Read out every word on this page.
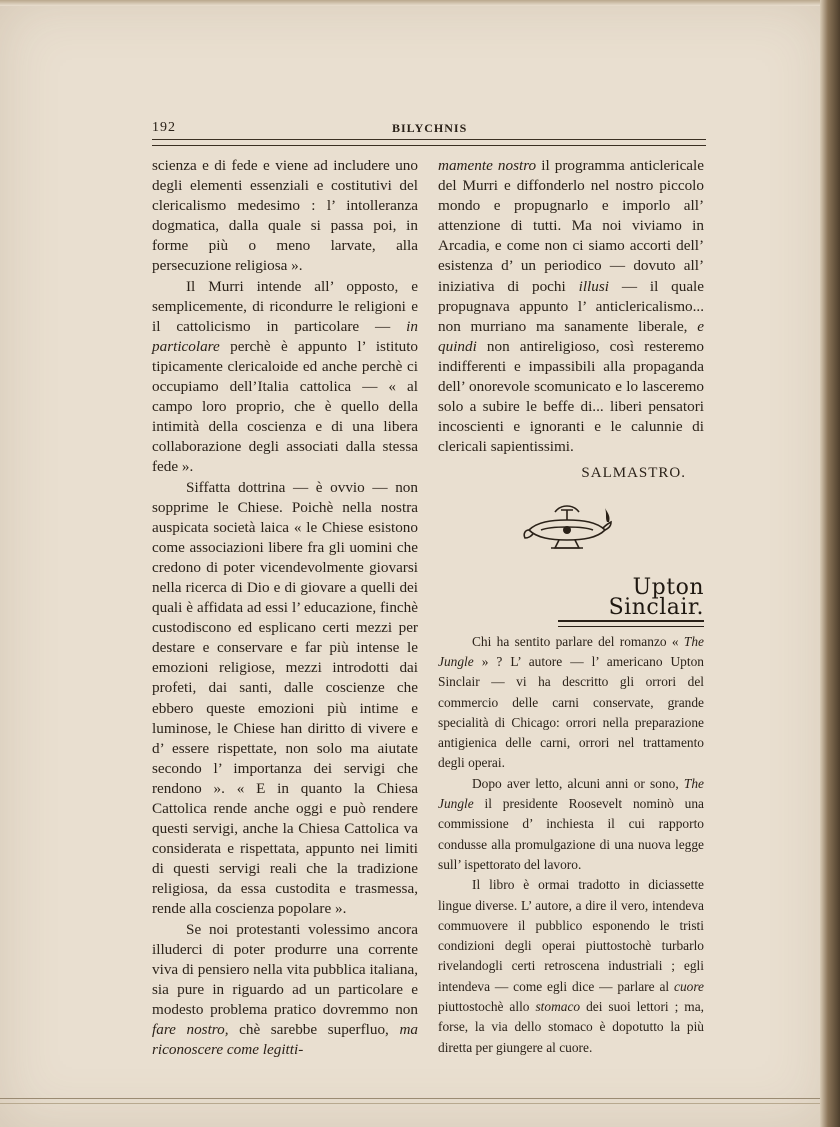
192	BILYCHNIS

scienza e di fede e viene ad includere uno degli elementi essenziali e costitutivi del clericalismo medesimo : l’ intolleranza dogmatica, dalla quale si passa poi, in forme più o meno larvate, alla persecuzione religiosa ».

Il Murri intende all’ opposto, e semplicemente, di ricondurre le religioni e il cattolicismo in particolare — in particolare perchè è appunto l’ istituto tipicamente clericaloide ed anche perchè ci occupiamo dell’Italia cattolica — « al campo loro proprio, che è quello della intimità della coscienza e di una libera collaborazione degli associati dalla stessa fede ».

Siffatta dottrina — è ovvio — non sopprime le Chiese. Poichè nella nostra auspicata società laica « le Chiese esistono come associazioni libere fra gli uomini che credono di poter vicendevolmente giovarsi nella ricerca di Dio e di giovare a quelli dei quali è affidata ad essi l’ educazione, finchè custodiscono ed esplicano certi mezzi per destare e conservare e far più intense le emozioni religiose, mezzi introdotti dai profeti, dai santi, dalle coscienze che ebbero queste emozioni più intime e luminose, le Chiese han diritto di vivere e d’ essere rispettate, non solo ma aiutate secondo l’ importanza dei servigi che rendono ». « E in quanto la Chiesa Cattolica rende anche oggi e può rendere questi servigi, anche la Chiesa Cattolica va considerata e rispettata, appunto nei limiti di questi servigi reali che la tradizione religiosa, da essa custodita e trasmessa, rende alla coscienza popolare ».

Se noi protestanti volessimo ancora illuderci di poter produrre una corrente viva di pensiero nella vita pubblica italiana, sia pure in riguardo ad un particolare e modesto problema pratico dovremmo non fare nostro, chè sarebbe superfluo, ma riconoscere come legitti-

mamente nostro il programma anticlericale del Murri e diffonderlo nel nostro piccolo mondo e propugnarlo e imporlo all’ attenzione di tutti. Ma noi viviamo in Arcadia, e come non ci siamo accorti dell’ esistenza d’ un periodico — dovuto all’ iniziativa di pochi illusi — il quale propugnava appunto l’ anticlericalismo... non murriano ma sanamente liberale, e quindi non antireligioso, così resteremo indifferenti e impassibili alla propaganda dell’ onorevole scomunicato e lo lasceremo solo a subire le beffe di... liberi pensatori incoscienti e ignoranti e le calunnie di clericali sapientissimi.

SALMASTRO.
Upton Sinclair.

Chi ha sentito parlare del romanzo « The Jungle » ? L’ autore — l’ americano Upton Sinclair — vi ha descritto gli orrori del commercio delle carni conservate, grande specialità di Chicago: orrori nella preparazione antigienica delle carni, orrori nel trattamento degli operai.

Dopo aver letto, alcuni anni or sono, The Jungle il presidente Roosevelt nominò una commissione d’ inchiesta il cui rapporto condusse alla promulgazione di una nuova legge sull’ ispettorato del lavoro.

Il libro è ormai tradotto in diciassette lingue diverse. L’ autore, a dire il vero, intendeva commuovere il pubblico esponendo le tristi condizioni degli operai piuttostochè turbarlo rivelandogli certi retroscena industriali ; egli intendeva — come egli dice — parlare al cuore piuttostochè allo stomaco dei suoi lettori ; ma, forse, la via dello stomaco è dopotutto la più diretta per giungere al cuore.
